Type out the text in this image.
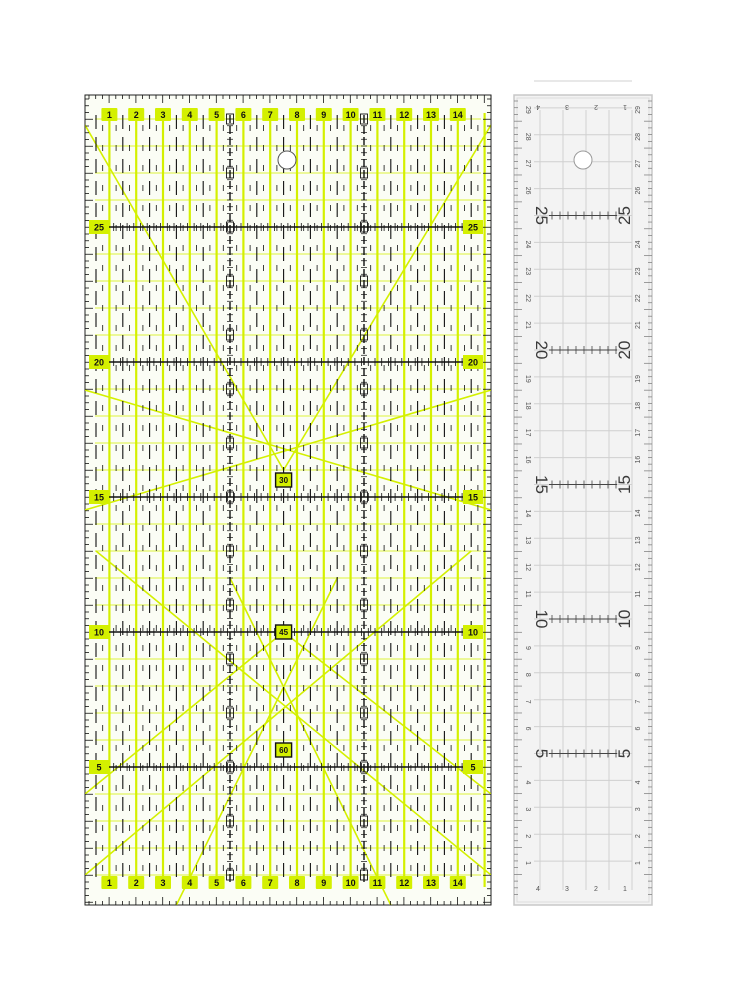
1
1
2
2
3
3
4
4
5
5
6
6
7
7
8
8
9
9
10
10
11
11
12
12
13
13
14
14
25	25
20	20
15	15
10	10
5	5
30
45
60
25	25
20	20
15	15
10	10
5	5
29	29
28	28
27	27
26	26
24	24
23	23
22	22
21	21
19	19
18	18
17	17
16	16
14	14
13	13
12	12
11	11
9	9
8	8
7	7
6	6
4	4
3	3
2	2
1	1
4	3	2	1
4	3	2	1
